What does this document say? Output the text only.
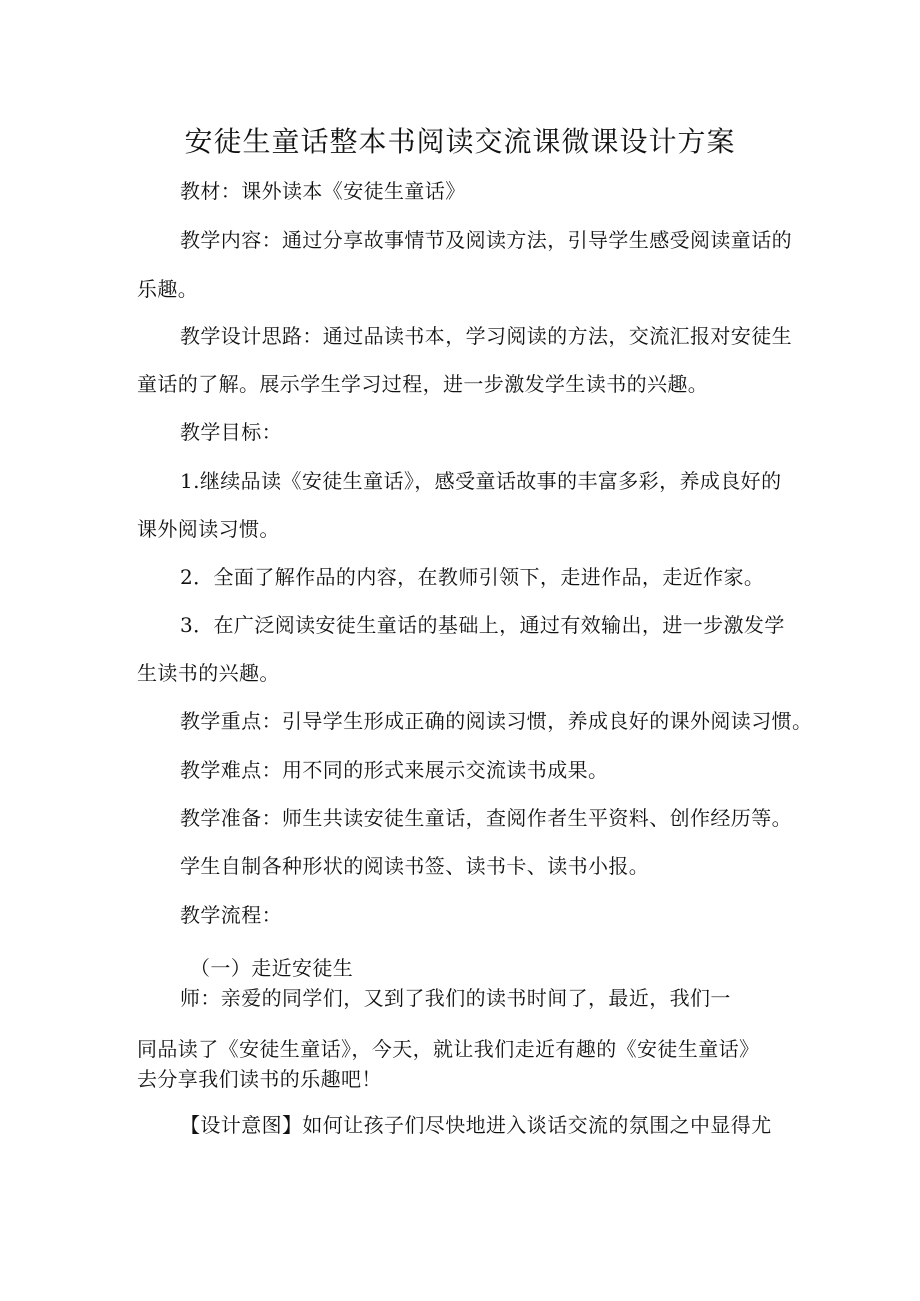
安徒生童话整本书阅读交流课微课设计方案
教材：课外读本《安徒生童话》
教学内容：通过分享故事情节及阅读方法，引导学生感受阅读童话的
乐趣。
教学设计思路：通过品读书本，学习阅读的方法，交流汇报对安徒生
童话的了解。展示学生学习过程，进一步激发学生读书的兴趣。
教学目标：
1.继续品读《安徒生童话》，感受童话故事的丰富多彩，养成良好的
课外阅读习惯。
2．全面了解作品的内容，在教师引领下，走进作品，走近作家。
3．在广泛阅读安徒生童话的基础上，通过有效输出，进一步激发学
生读书的兴趣。
教学重点：引导学生形成正确的阅读习惯，养成良好的课外阅读习惯。
教学难点：用不同的形式来展示交流读书成果。
教学准备：师生共读安徒生童话，查阅作者生平资料、创作经历等。
学生自制各种形状的阅读书签、读书卡、读书小报。
教学流程：
（一）走近安徒生
师：亲爱的同学们，又到了我们的读书时间了，最近，我们一
同品读了《安徒生童话》，今天，就让我们走近有趣的《安徒生童话》
去分享我们读书的乐趣吧！
【设计意图】如何让孩子们尽快地进入谈话交流的氛围之中显得尤
